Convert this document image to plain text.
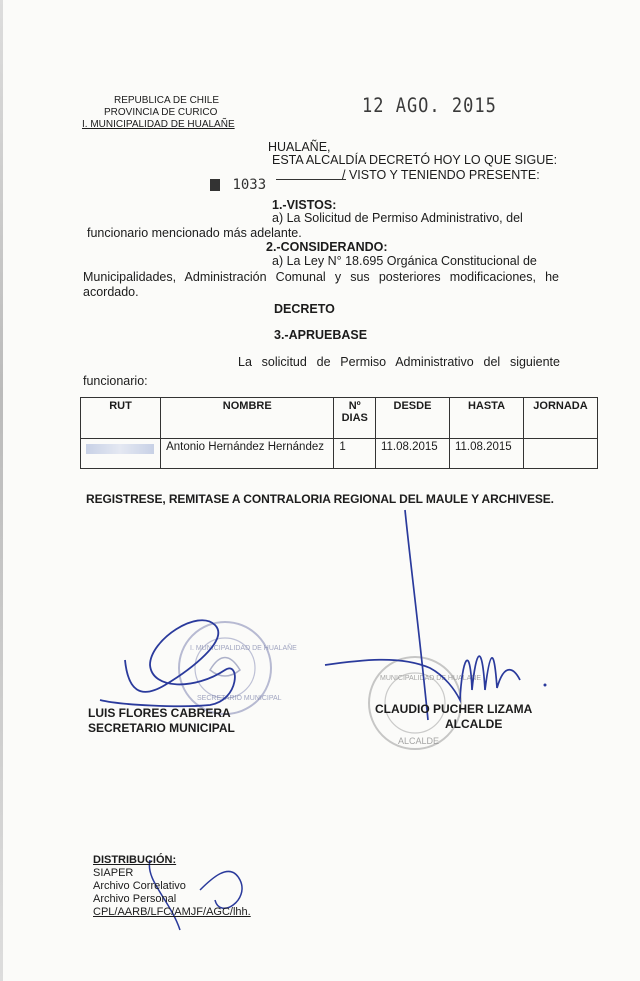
REPUBLICA DE CHILE
PROVINCIA DE CURICO
I. MUNICIPALIDAD DE HUALAÑE
12 AGO. 2015
HUALAÑE,
ESTA ALCALDÍA DECRETÓ HOY LO QUE SIGUE:
1033
/ VISTO Y TENIENDO PRESENTE:
1.-VISTOS:
a) La Solicitud de Permiso Administrativo, del
funcionario mencionado más adelante.
2.-CONSIDERANDO:
a) La Ley N° 18.695 Orgánica Constitucional de
Municipalidades, Administración Comunal y sus posteriores modificaciones, he acordado.
DECRETO
3.-APRUEBASE
La solicitud de Permiso Administrativo del siguiente
funcionario:
RUT	NOMBRE	Nº DIAS	DESDE	HASTA	JORNADA
	Antonio Hernández Hernández	1	11.08.2015	11.08.2015	
REGISTRESE, REMITASE A CONTRALORIA REGIONAL DEL MAULE Y ARCHIVESE.
I. MUNICIPALIDAD DE HUALAÑE
SECRETARIO MUNICIPAL
MUNICIPALIDAD DE HUALAÑE
ALCALDE
LUIS FLORES CABRERA
SECRETARIO MUNICIPAL
CLAUDIO PUCHER LIZAMA
ALCALDE
DISTRIBUCIÓN:
SIAPER
Archivo Correlativo
Archivo Personal
CPL/AARB/LFC/AMJF/AGC/lhh.
